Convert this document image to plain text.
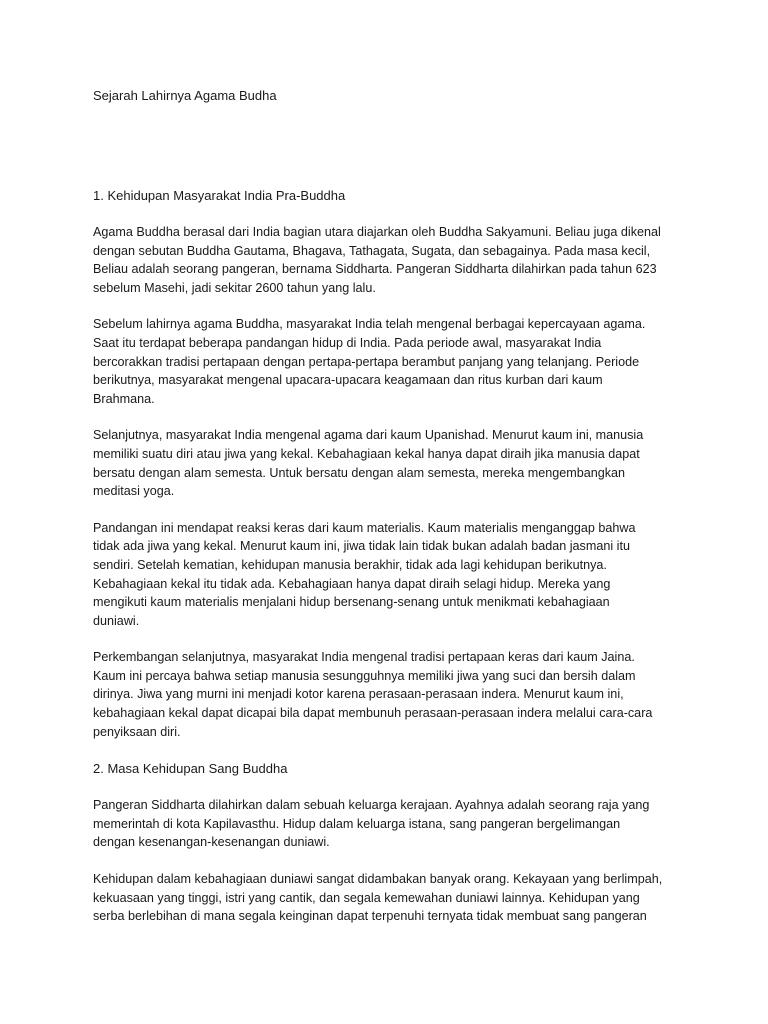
Sejarah Lahirnya Agama Budha
1. Kehidupan Masyarakat India Pra-Buddha
Agama Buddha berasal dari India bagian utara diajarkan oleh Buddha Sakyamuni. Beliau juga dikenal
dengan sebutan Buddha Gautama, Bhagava, Tathagata, Sugata, dan sebagainya. Pada masa kecil,
Beliau adalah seorang pangeran, bernama Siddharta. Pangeran Siddharta dilahirkan pada tahun 623
sebelum Masehi, jadi sekitar 2600 tahun yang lalu.
Sebelum lahirnya agama Buddha, masyarakat India telah mengenal berbagai kepercayaan agama.
Saat itu terdapat beberapa pandangan hidup di India. Pada periode awal, masyarakat India
bercorakkan tradisi pertapaan dengan pertapa-pertapa berambut panjang yang telanjang. Periode
berikutnya, masyarakat mengenal upacara-upacara keagamaan dan ritus kurban dari kaum
Brahmana.
Selanjutnya, masyarakat India mengenal agama dari kaum Upanishad. Menurut kaum ini, manusia
memiliki suatu diri atau jiwa yang kekal. Kebahagiaan kekal hanya dapat diraih jika manusia dapat
bersatu dengan alam semesta. Untuk bersatu dengan alam semesta, mereka mengembangkan
meditasi yoga.
Pandangan ini mendapat reaksi keras dari kaum materialis. Kaum materialis menganggap bahwa
tidak ada jiwa yang kekal. Menurut kaum ini, jiwa tidak lain tidak bukan adalah badan jasmani itu
sendiri. Setelah kematian, kehidupan manusia berakhir, tidak ada lagi kehidupan berikutnya.
Kebahagiaan kekal itu tidak ada. Kebahagiaan hanya dapat diraih selagi hidup. Mereka yang
mengikuti kaum materialis menjalani hidup bersenang-senang untuk menikmati kebahagiaan
duniawi.
Perkembangan selanjutnya, masyarakat India mengenal tradisi pertapaan keras dari kaum Jaina.
Kaum ini percaya bahwa setiap manusia sesungguhnya memiliki jiwa yang suci dan bersih dalam
dirinya. Jiwa yang murni ini menjadi kotor karena perasaan-perasaan indera. Menurut kaum ini,
kebahagiaan kekal dapat dicapai bila dapat membunuh perasaan-perasaan indera melalui cara-cara
penyiksaan diri.
2. Masa Kehidupan Sang Buddha
Pangeran Siddharta dilahirkan dalam sebuah keluarga kerajaan. Ayahnya adalah seorang raja yang
memerintah di kota Kapilavasthu. Hidup dalam keluarga istana, sang pangeran bergelimangan
dengan kesenangan-kesenangan duniawi.
Kehidupan dalam kebahagiaan duniawi sangat didambakan banyak orang. Kekayaan yang berlimpah,
kekuasaan yang tinggi, istri yang cantik, dan segala kemewahan duniawi lainnya. Kehidupan yang
serba berlebihan di mana segala keinginan dapat terpenuhi ternyata tidak membuat sang pangeran
